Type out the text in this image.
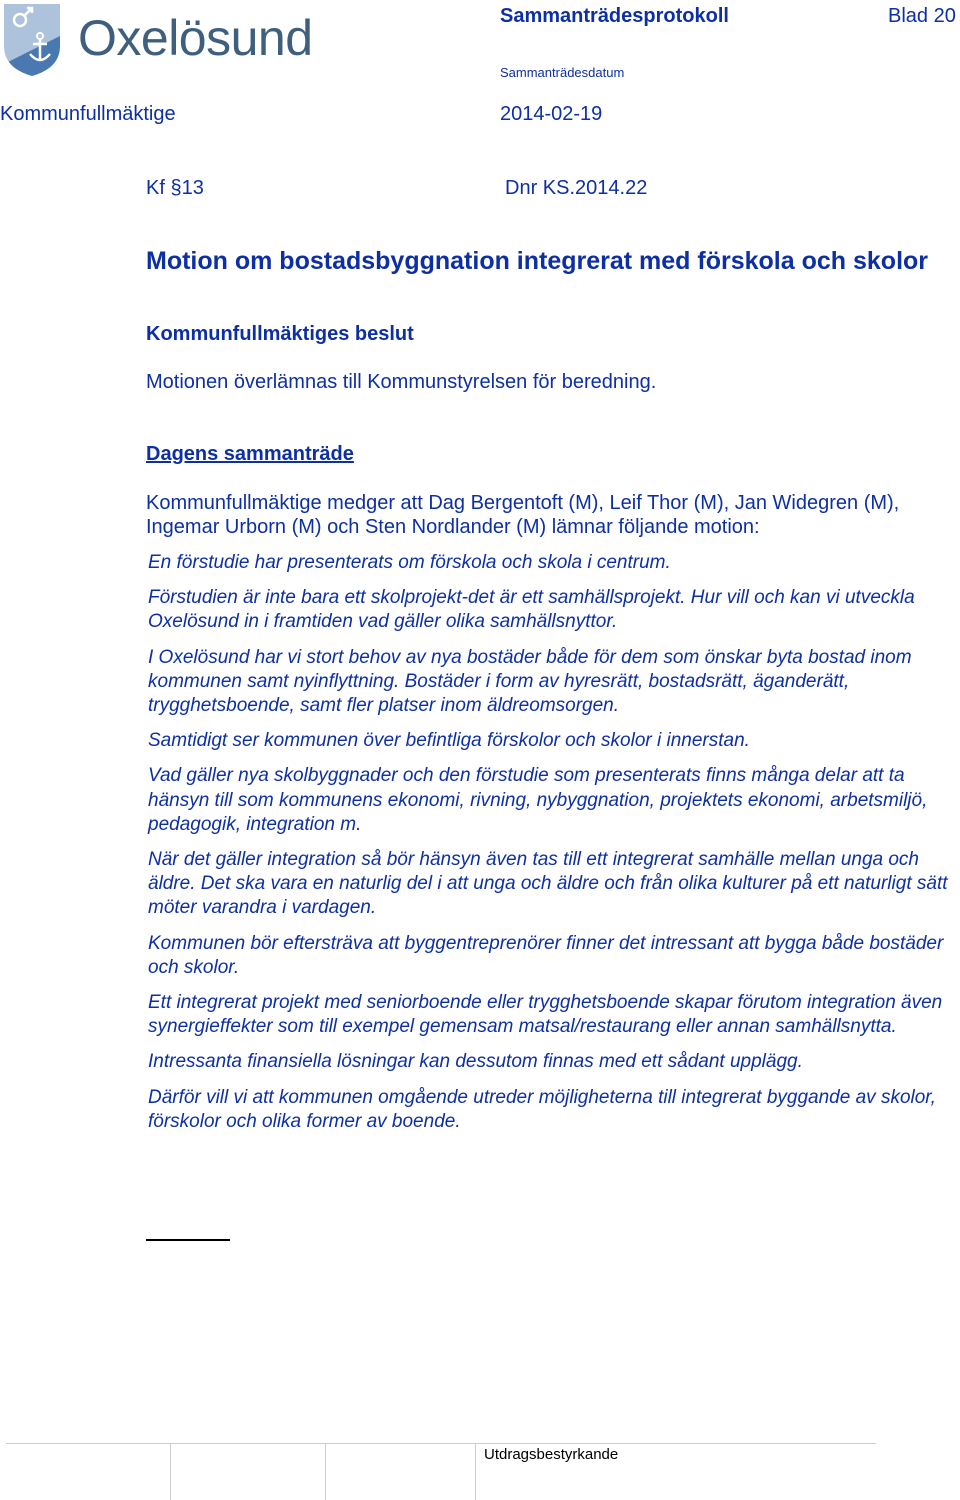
Oxelösund	Sammanträdesprotokoll	Blad 20
Sammanträdesdatum
Kommunfullmäktige	2014-02-19
Kf §13	Dnr KS.2014.22
Motion om bostadsbyggnation integrerat med förskola och skolor
Kommunfullmäktiges beslut
Motionen överlämnas till Kommunstyrelsen för beredning.
Dagens sammanträde
Kommunfullmäktige medger att Dag Bergentoft (M), Leif Thor (M), Jan Widegren (M), Ingemar Urborn (M) och Sten Nordlander (M) lämnar följande motion:

En förstudie har presenterats om förskola och skola i centrum.

Förstudien är inte bara ett skolprojekt-det är ett samhällsprojekt. Hur vill och kan vi utveckla Oxelösund in i framtiden vad gäller olika samhällsnyttor.

I Oxelösund har vi stort behov av nya bostäder både för dem som önskar byta bostad inom kommunen samt nyinflyttning. Bostäder i form av hyresrätt, bostadsrätt, äganderätt, trygghetsboende, samt fler platser inom äldreomsorgen.

Samtidigt ser kommunen över befintliga förskolor och skolor i innerstan.

Vad gäller nya skolbyggnader och den förstudie som presenterats finns många delar att ta hänsyn till som kommunens ekonomi, rivning, nybyggnation, projektets ekonomi, arbetsmiljö, pedagogik, integration m.

När det gäller integration så bör hänsyn även tas till ett integrerat samhälle mellan unga och äldre. Det ska vara en naturlig del i att unga och äldre och från olika kulturer på ett naturligt sätt möter varandra i vardagen.

Kommunen bör eftersträva att byggentreprenörer finner det intressant att bygga både bostäder och skolor.

Ett integrerat projekt med seniorboende eller trygghetsboende skapar förutom integration även synergieffekter som till exempel gemensam matsal/restaurang eller annan samhällsnytta.

Intressanta finansiella lösningar kan dessutom finnas med ett sådant upplägg.

Därför vill vi att kommunen omgående utreder möjligheterna till integrerat byggande av skolor, förskolor och olika former av boende.

Utdragsbestyrkande
